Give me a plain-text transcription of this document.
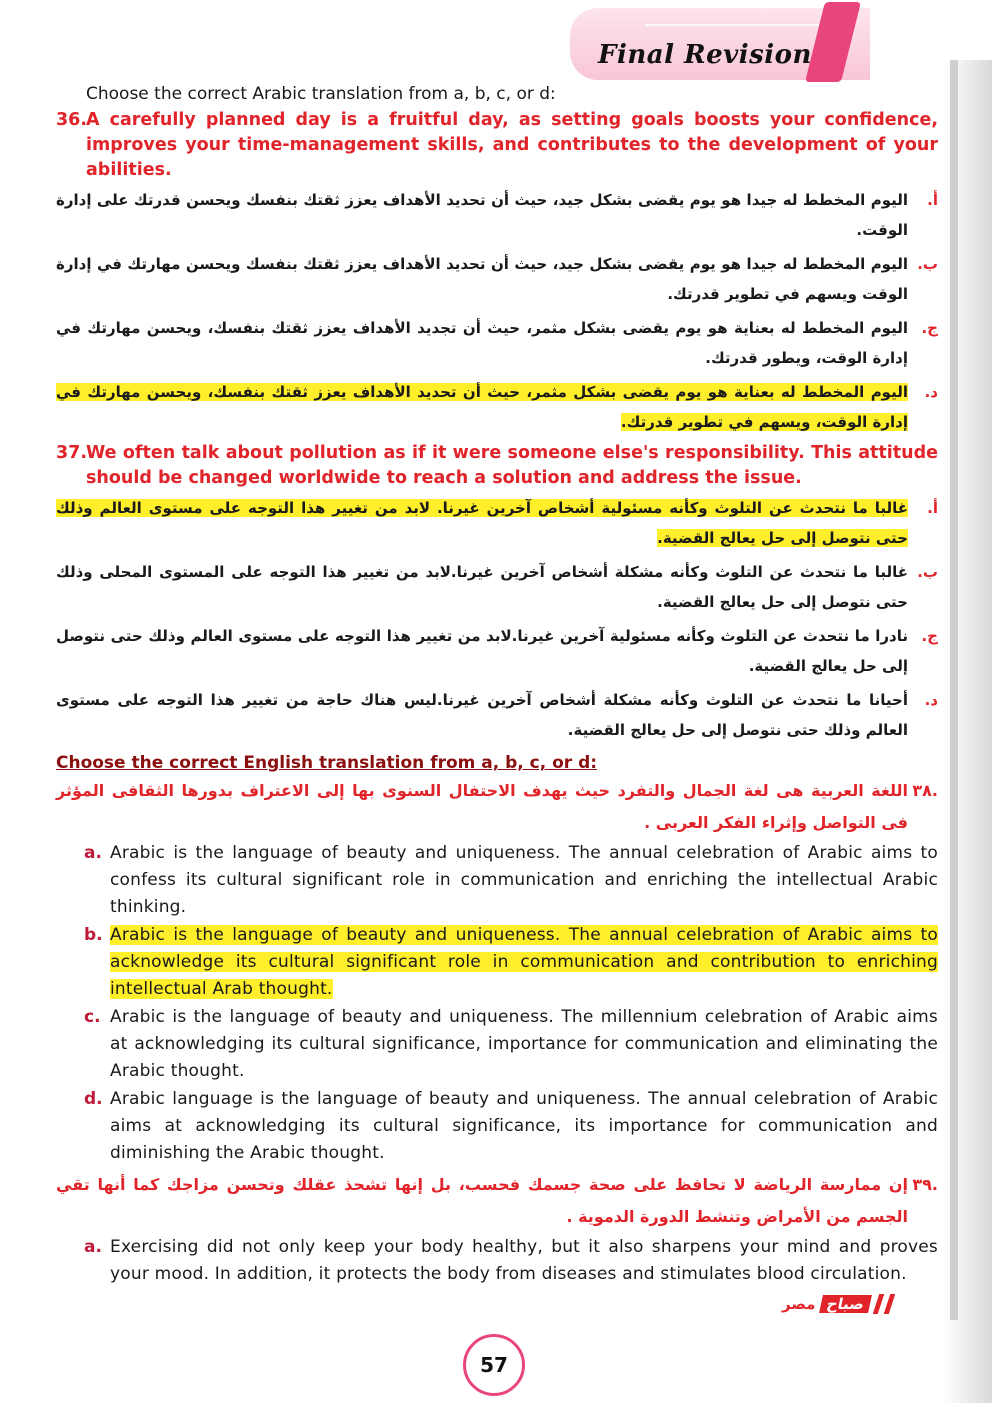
Final Revision
Choose the correct Arabic translation from a, b, c, or d:
36.
A carefully planned day is a fruitful day, as setting goals boosts your confidence, improves your time-management skills, and contributes to the development of your abilities.
أ.
اليوم المخطط له جيدا هو يوم يقضى بشكل جيد، حيث أن تحديد الأهداف يعزز ثقتك بنفسك ويحسن قدرتك على إدارة الوقت.
ب.
اليوم المخطط له جيدا هو يوم يقضى بشكل جيد، حيث أن تحديد الأهداف يعزز ثقتك بنفسك ويحسن مهارتك في إدارة الوقت ويسهم في تطوير قدرتك.
ج.
اليوم المخطط له بعناية هو يوم يقضى بشكل مثمر، حيث أن تجديد الأهداف يعزز ثقتك بنفسك، ويحسن مهارتك في إدارة الوقت، ويطور قدرتك.
د.
اليوم المخطط له بعناية هو يوم يقضى بشكل مثمر، حيث أن تحديد الأهداف يعزز ثقتك بنفسك، ويحسن مهارتك في إدارة الوقت، ويسهم في تطوير قدرتك.
37.
We often talk about pollution as if it were someone else's responsibility. This attitude should be changed worldwide to reach a solution and address the issue.
أ.
غالبا ما نتحدث عن التلوث وكأنه مسئولية أشخاص آخرين غيرنا. لابد من تغيير هذا التوجه على مستوى العالم وذلك حتى نتوصل إلى حل يعالج القضية.
ب.
غالبا ما نتحدث عن التلوث وكأنه مشكلة أشخاص آخرين غيرنا.لابد من تغيير هذا التوجه على المستوى المحلى وذلك حتى نتوصل إلى حل يعالج القضية.
ج.
نادرا ما نتحدث عن التلوث وكأنه مسئولية آخرين غيرنا.لابد من تغيير هذا التوجه على مستوى العالم وذلك حتى نتوصل إلى حل يعالج القضية.
د.
أحيانا ما نتحدث عن التلوث وكأنه مشكلة أشخاص آخرين غيرنا.ليس هناك حاجة من تغيير هذا التوجه على مستوى العالم وذلك حتى نتوصل إلى حل يعالج القضية.
Choose the correct English translation from a, b, c, or d:
.٣٨
اللغة العربية هى لغة الجمال والتفرد حيث يهدف الاحتفال السنوى بها إلى الاعتراف بدورها الثقافى المؤثر فى التواصل وإثراء الفكر العربى .
a. Arabic is the language of beauty and uniqueness. The annual celebration of Arabic aims to confess its cultural significant role in communication and enriching the intellectual Arabic thinking.
b. Arabic is the language of beauty and uniqueness. The annual celebration of Arabic aims to acknowledge its cultural significant role in communication and contribution to enriching intellectual Arab thought.
c. Arabic is the language of beauty and uniqueness. The millennium celebration of Arabic aims at acknowledging its cultural significance, importance for communication and eliminating the Arabic thought.
d. Arabic language is the language of beauty and uniqueness. The annual celebration of Arabic aims at acknowledging its cultural significance, its importance for communication and diminishing the Arabic thought.
.٣٩
إن ممارسة الرياضة لا تحافظ على صحة جسمك فحسب، بل إنها تشحذ عقلك وتحسن مزاجك كما أنها تقي الجسم من الأمراض وتنشط الدورة الدموية .
a. Exercising did not only keep your body healthy, but it also sharpens your mind and proves your mood. In addition, it protects the body from diseases and stimulates blood circulation.
صباح
مصر
57
